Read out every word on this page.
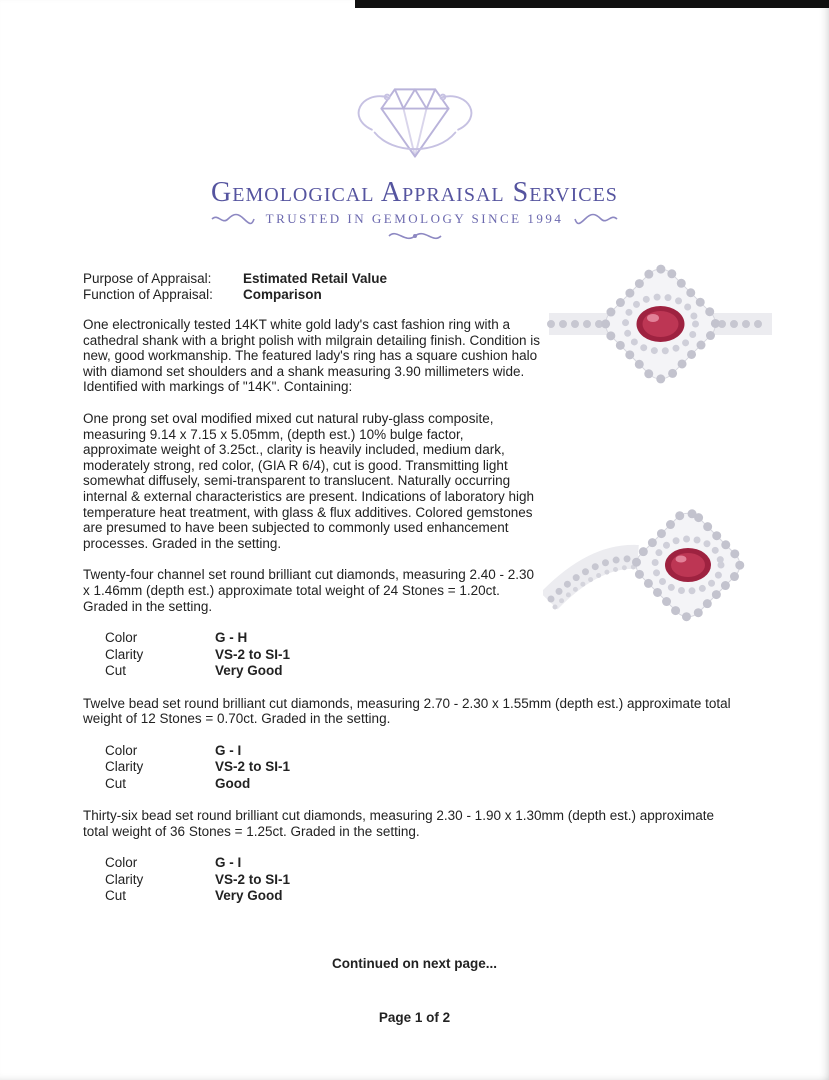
Gemological Appraisal Services
TRUSTED IN GEMOLOGY SINCE 1994
Purpose of Appraisal:	Estimated Retail Value
Function of Appraisal:	Comparison

One electronically tested 14KT white gold lady's cast fashion ring with a cathedral shank with a bright polish with milgrain detailing finish. Condition is new, good workmanship. The featured lady's ring has a square cushion halo with diamond set shoulders and a shank measuring 3.90 millimeters wide. Identified with markings of "14K". Containing:

One prong set oval modified mixed cut natural ruby-glass composite, measuring 9.14 x 7.15 x 5.05mm, (depth est.) 10% bulge factor, approximate weight of 3.25ct., clarity is heavily included, medium dark, moderately strong, red color, (GIA R 6/4), cut is good. Transmitting light somewhat diffusely, semi-transparent to translucent. Naturally occurring internal & external characteristics are present. Indications of laboratory high temperature heat treatment, with glass & flux additives. Colored gemstones are presumed to have been subjected to commonly used enhancement processes. Graded in the setting.

Twenty-four channel set round brilliant cut diamonds, measuring 2.40 - 2.30 x 1.46mm (depth est.) approximate total weight of 24 Stones = 1.20ct. Graded in the setting.

Color	G - H
Clarity	VS-2 to SI-1
Cut	Very Good

Twelve bead set round brilliant cut diamonds, measuring 2.70 - 2.30 x 1.55mm (depth est.) approximate total weight of 12 Stones = 0.70ct. Graded in the setting.

Color	G - I
Clarity	VS-2 to SI-1
Cut	Good

Thirty-six bead set round brilliant cut diamonds, measuring 2.30 - 1.90 x 1.30mm (depth est.) approximate total weight of 36 Stones = 1.25ct. Graded in the setting.

Color	G - I
Clarity	VS-2 to SI-1
Cut	Very Good
Continued on next page...
Page 1 of 2
